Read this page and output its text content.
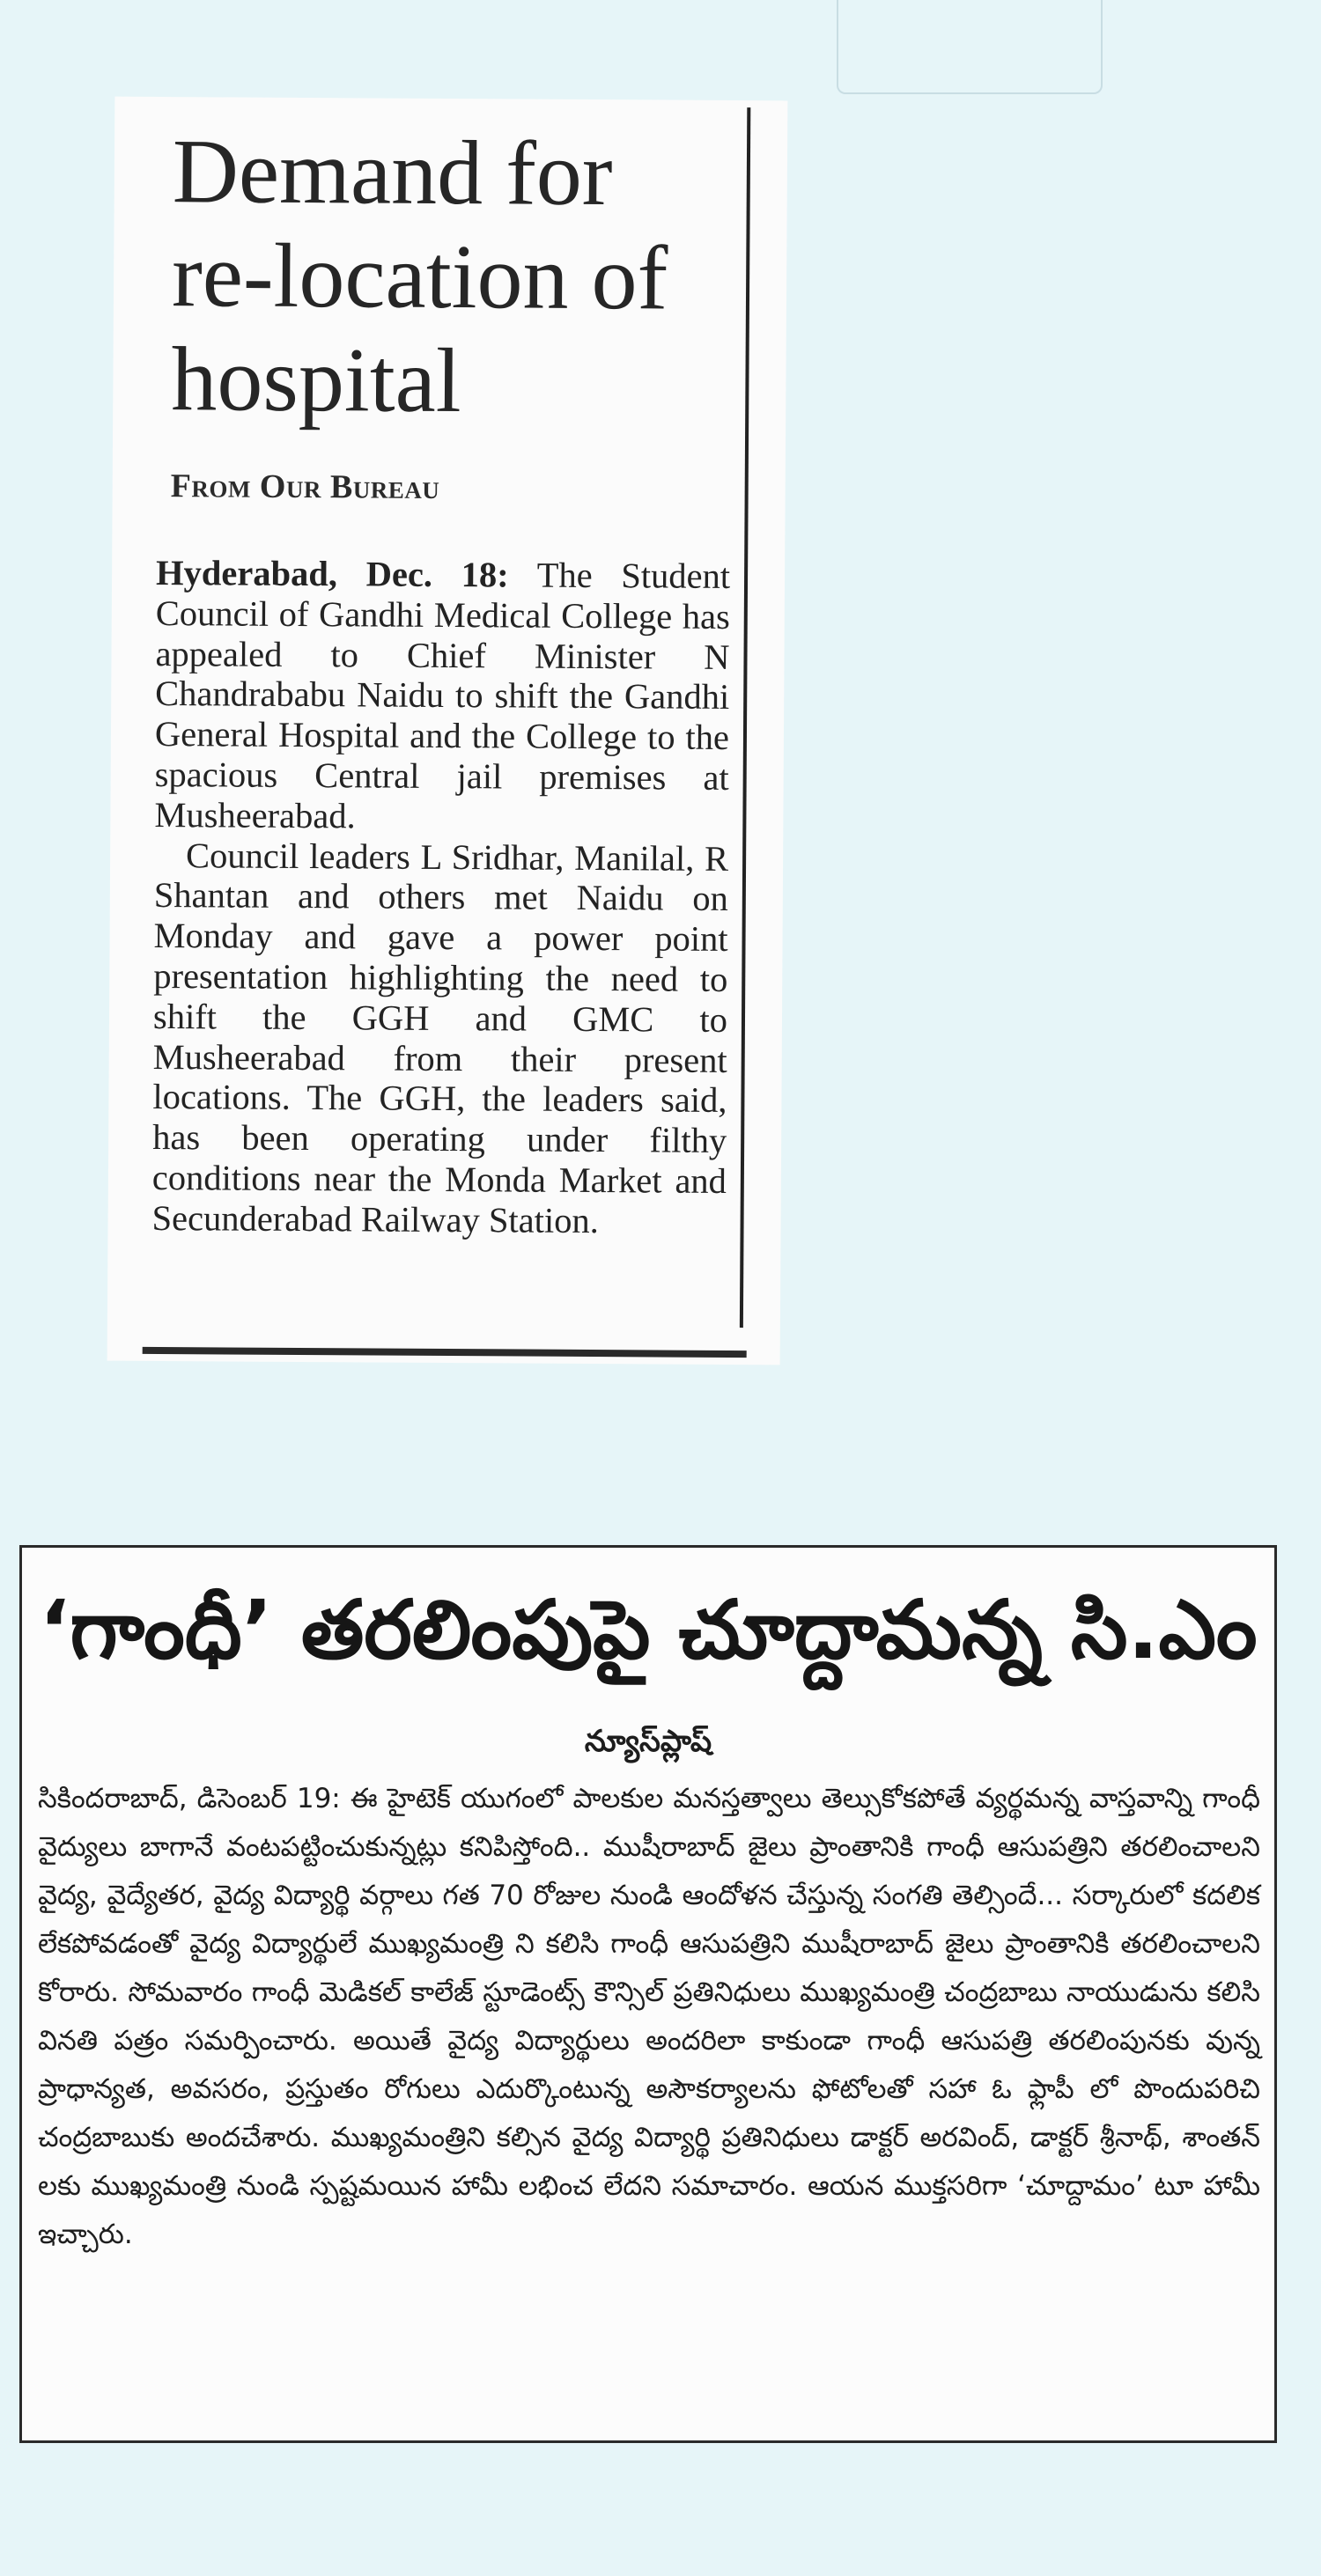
Demand for re-location of hospital
From Our Bureau

Hyderabad, Dec. 18: The Student Council of Gandhi Medical College has appealed to Chief Minister N Chandrababu Naidu to shift the Gandhi General Hospital and the College to the spacious Central jail premises at Musheerabad.

Council leaders L Sridhar, Manilal, R Shantan and others met Naidu on Monday and gave a power point presentation highlighting the need to shift the GGH and GMC to Musheerabad from their present locations. The GGH, the leaders said, has been operating under filthy conditions near the Monda Market and Secunderabad Railway Station.

‘గాంధీ’ తరలింపుపై చూద్దామన్న సి.ఎం
న్యూస్‌ప్లాష్

సికిందరాబాద్, డిసెంబర్ 19: ఈ హైటెక్ యుగంలో పాలకుల మనస్తత్వాలు తెల్సుకోకపోతే వ్యర్థమన్న వాస్తవాన్ని గాంధీ వైద్యులు బాగానే వంటపట్టించుకున్నట్లు కనిపిస్తోంది.. ముషీరాబాద్ జైలు ప్రాంతానికి గాంధీ ఆసుపత్రిని తరలించాలని వైద్య, వైద్యేతర, వైద్య విద్యార్థి వర్గాలు గత 70 రోజుల నుండి ఆందోళన చేస్తున్న సంగతి తెల్సిందే... సర్కారులో కదలిక లేకపోవడంతో వైద్య విద్యార్థులే ముఖ్యమంత్రి ని కలిసి గాంధీ ఆసుపత్రిని ముషీరాబాద్ జైలు ప్రాంతానికి తరలించాలని కోరారు. సోమవారం గాంధీ మెడికల్ కాలేజ్ స్టూడెంట్స్ కౌన్సిల్ ప్రతినిధులు ముఖ్యమంత్రి చంద్రబాబు నాయుడును కలిసి వినతి పత్రం సమర్పించారు. అయితే వైద్య విద్యార్థులు అందరిలా కాకుండా గాంధీ ఆసుపత్రి తరలింపునకు వున్న ప్రాధాన్యత, అవసరం, ప్రస్తుతం రోగులు ఎదుర్కొంటున్న అసౌకర్యాలను ఫోటోలతో సహా ఓ ఫ్లాపీ లో పొందుపరిచి చంద్రబాబుకు అందచేశారు. ముఖ్యమంత్రిని కల్సిన వైద్య విద్యార్థి ప్రతినిధులు డాక్టర్ అరవింద్, డాక్టర్ శ్రీనాథ్, శాంతన్ లకు ముఖ్యమంత్రి నుండి స్పష్టమయిన హామీ లభించ లేదని సమాచారం. ఆయన ముక్తసరిగా ‘చూద్దామం’ టూ హామీ ఇచ్చారు.
